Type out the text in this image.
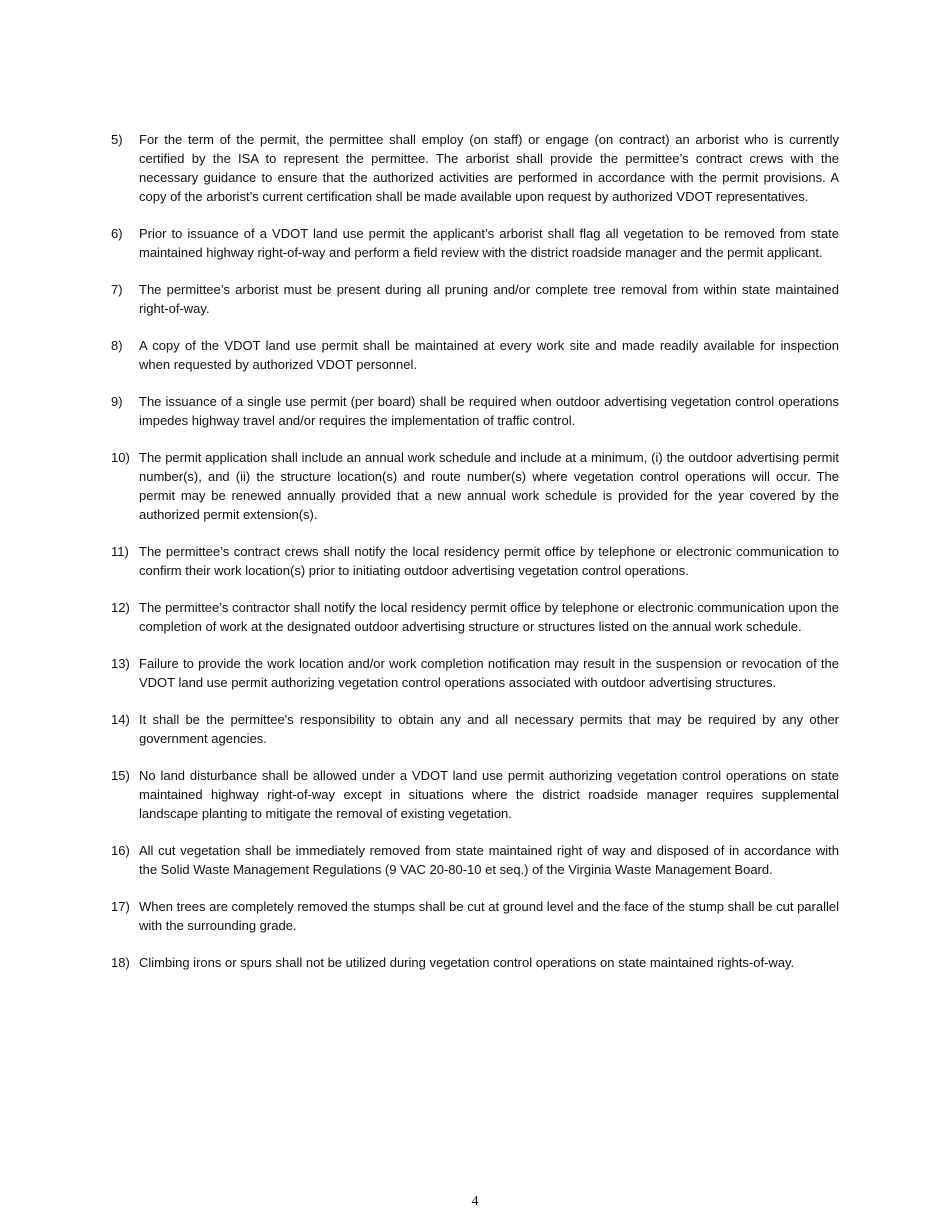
5)	For the term of the permit, the permittee shall employ (on staff) or engage (on contract) an arborist who is currently certified by the ISA to represent the permittee. The arborist shall provide the permittee’s contract crews with the necessary guidance to ensure that the authorized activities are performed in accordance with the permit provisions. A copy of the arborist’s current certification shall be made available upon request by authorized VDOT representatives.
6)	Prior to issuance of a VDOT land use permit the applicant’s arborist shall flag all vegetation to be removed from state maintained highway right-of-way and perform a field review with the district roadside manager and the permit applicant.
7)	The permittee’s arborist must be present during all pruning and/or complete tree removal from within state maintained right-of-way.
8)	A copy of the VDOT land use permit shall be maintained at every work site and made readily available for inspection when requested by authorized VDOT personnel.
9)	The issuance of a single use permit (per board) shall be required when outdoor advertising vegetation control operations impedes highway travel and/or requires the implementation of traffic control.
10) The permit application shall include an annual work schedule and include at a minimum, (i) the outdoor advertising permit number(s), and (ii) the structure location(s) and route number(s) where vegetation control operations will occur. The permit may be renewed annually provided that a new annual work schedule is provided for the year covered by the authorized permit extension(s).
11) The permittee’s contract crews shall notify the local residency permit office by telephone or electronic communication to confirm their work location(s) prior to initiating outdoor advertising vegetation control operations.
12) The permittee’s contractor shall notify the local residency permit office by telephone or electronic communication upon the completion of work at the designated outdoor advertising structure or structures listed on the annual work schedule.
13) Failure to provide the work location and/or work completion notification may result in the suspension or revocation of the VDOT land use permit authorizing vegetation control operations associated with outdoor advertising structures.
14) It shall be the permittee's responsibility to obtain any and all necessary permits that may be required by any other government agencies.
15) No land disturbance shall be allowed under a VDOT land use permit authorizing vegetation control operations on state maintained highway right-of-way except in situations where the district roadside manager requires supplemental landscape planting to mitigate the removal of existing vegetation.
16) All cut vegetation shall be immediately removed from state maintained right of way and disposed of in accordance with the Solid Waste Management Regulations (9 VAC 20-80-10 et seq.) of the Virginia Waste Management Board.
17) When trees are completely removed the stumps shall be cut at ground level and the face of the stump shall be cut parallel with the surrounding grade.
18) Climbing irons or spurs shall not be utilized during vegetation control operations on state maintained rights-of-way.
4
